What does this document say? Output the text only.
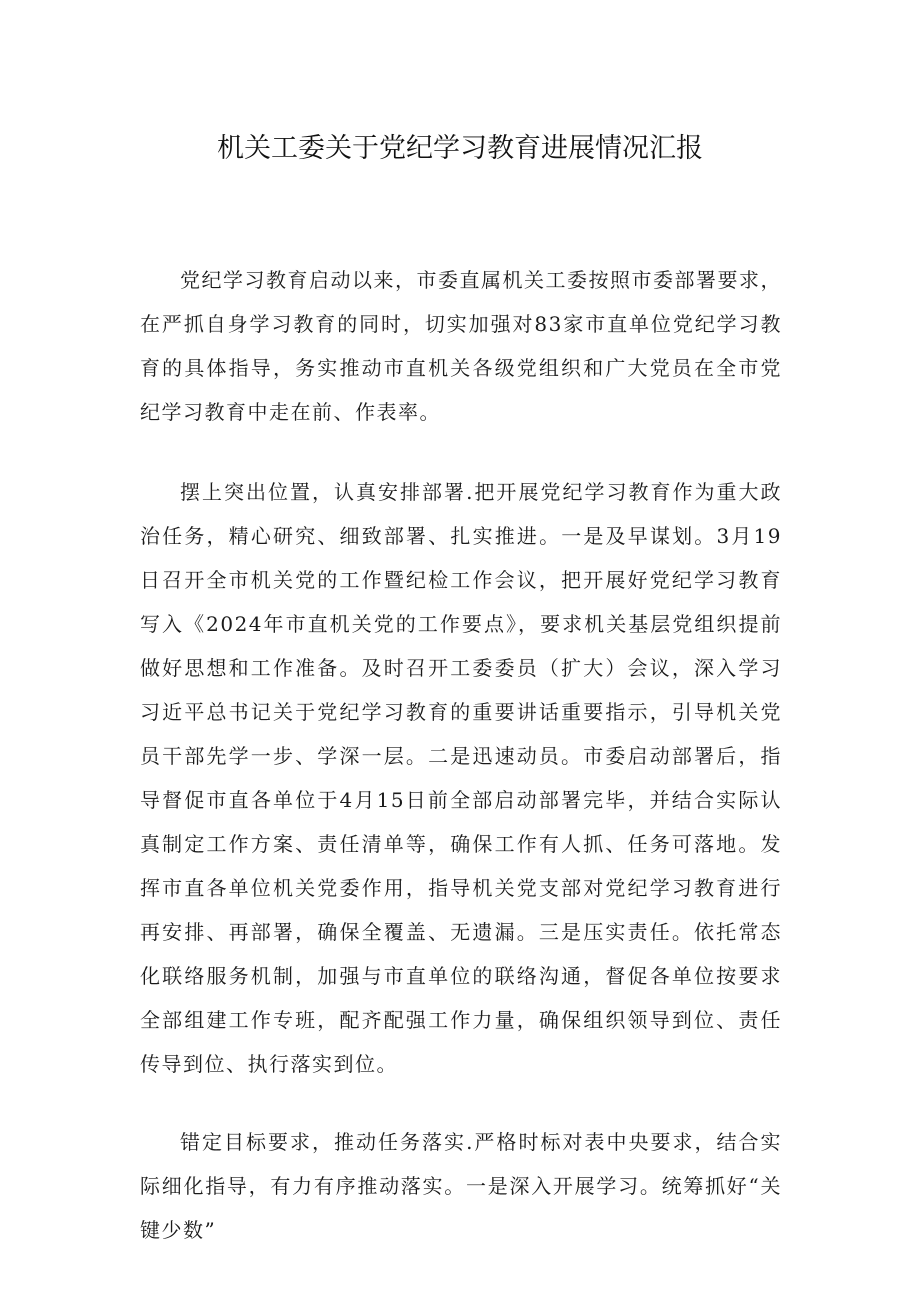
机关工委关于党纪学习教育进展情况汇报

党纪学习教育启动以来，市委直属机关工委按照市委部署要求，在严抓自身学习教育的同时，切实加强对83家市直单位党纪学习教育的具体指导，务实推动市直机关各级党组织和广大党员在全市党纪学习教育中走在前、作表率。

摆上突出位置，认真安排部署.把开展党纪学习教育作为重大政治任务，精心研究、细致部署、扎实推进。一是及早谋划。3月19日召开全市机关党的工作暨纪检工作会议，把开展好党纪学习教育写入《2024年市直机关党的工作要点》，要求机关基层党组织提前做好思想和工作准备。及时召开工委委员（扩大）会议，深入学习习近平总书记关于党纪学习教育的重要讲话重要指示，引导机关党员干部先学一步、学深一层。二是迅速动员。市委启动部署后，指导督促市直各单位于4月15日前全部启动部署完毕，并结合实际认真制定工作方案、责任清单等，确保工作有人抓、任务可落地。发挥市直各单位机关党委作用，指导机关党支部对党纪学习教育进行再安排、再部署，确保全覆盖、无遗漏。三是压实责任。依托常态化联络服务机制，加强与市直单位的联络沟通，督促各单位按要求全部组建工作专班，配齐配强工作力量，确保组织领导到位、责任传导到位、执行落实到位。

错定目标要求，推动任务落实.严格时标对表中央要求，结合实际细化指导，有力有序推动落实。一是深入开展学习。统筹抓好“关键少数”
